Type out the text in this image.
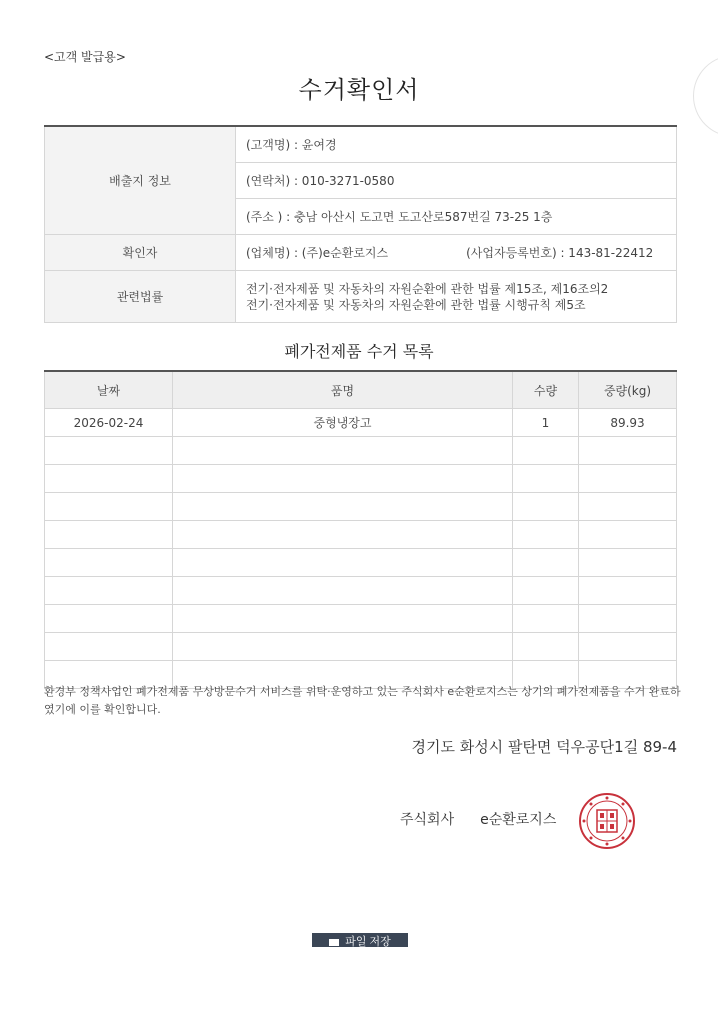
<고객 발급용>
수거확인서
배출지 정보	(고객명) : 윤여경
	(연락처) : 010-3271-0580
	(주소 ) : 충남 아산시 도고면 도고산로587번길 73-25 1층
확인자	(업체명) : (주)e순환로지스 (사업자등록번호) : 143-81-22412
관련법률	전기·전자제품 및 자동차의 자원순환에 관한 법률 제15조, 제16조의2
전기·전자제품 및 자동차의 자원순환에 관한 법률 시행규칙 제5조
폐가전제품 수거 목록
날짜	품명	수량	중량(kg)
2026-02-24	중형냉장고	1	89.93

환경부 정책사업인 폐가전제품 무상방문수거 서비스를 위탁·운영하고 있는 주식회사 e순환로지스는 상기의 폐가전제품을 수거 완료하였기에 이를 확인합니다.
경기도 화성시 팔탄면 덕우공단1길 89-4
주식회사 e순환로지스
파일 저장
